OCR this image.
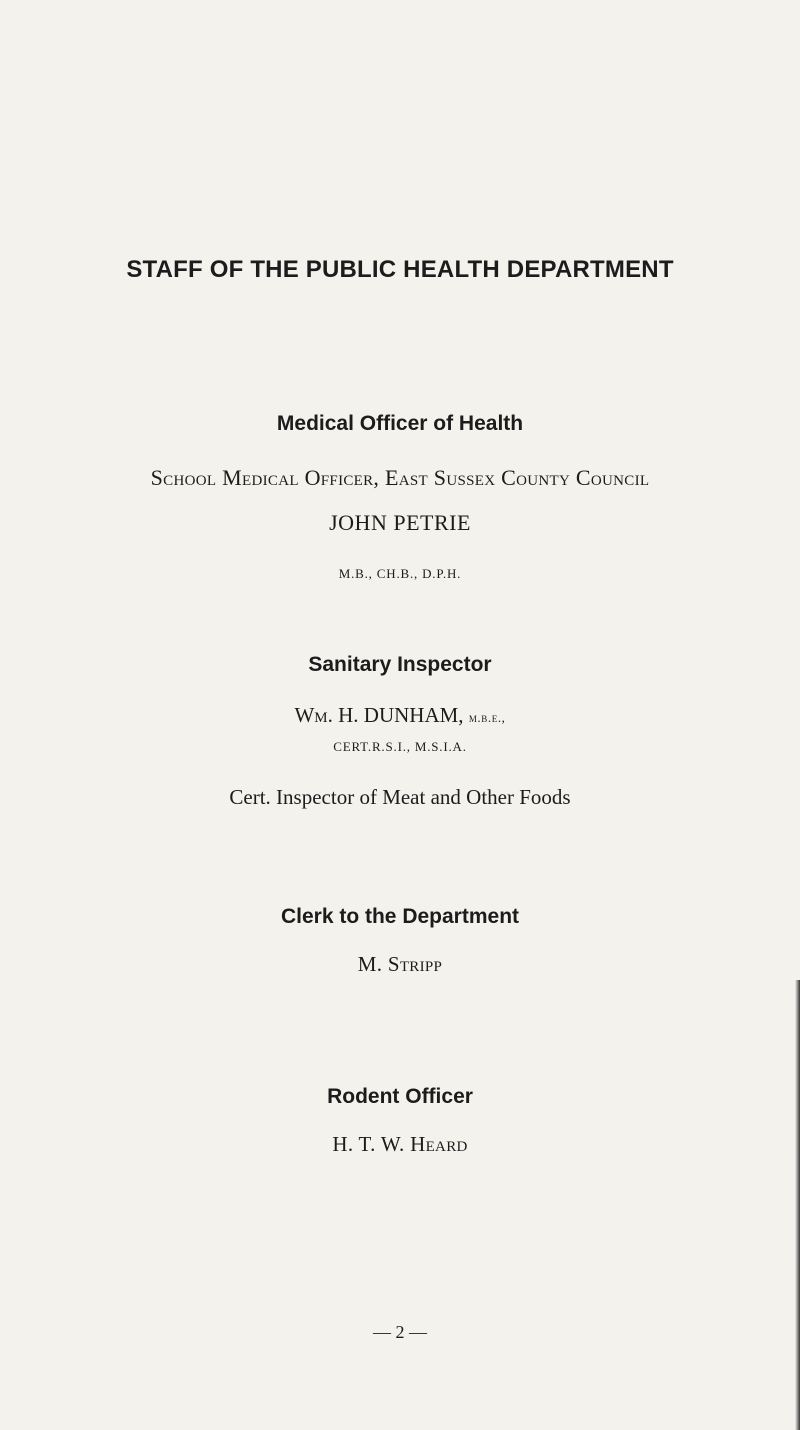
STAFF OF THE PUBLIC HEALTH DEPARTMENT
Medical Officer of Health
School Medical Officer, East Sussex County Council
JOHN PETRIE
M.B., CH.B., D.P.H.
Sanitary Inspector
Wm. H. DUNHAM, m.b.e.,
CERT.R.S.I., M.S.I.A.
Cert. Inspector of Meat and Other Foods
Clerk to the Department
M. Stripp
Rodent Officer
H. T. W. Heard
— 2 —
